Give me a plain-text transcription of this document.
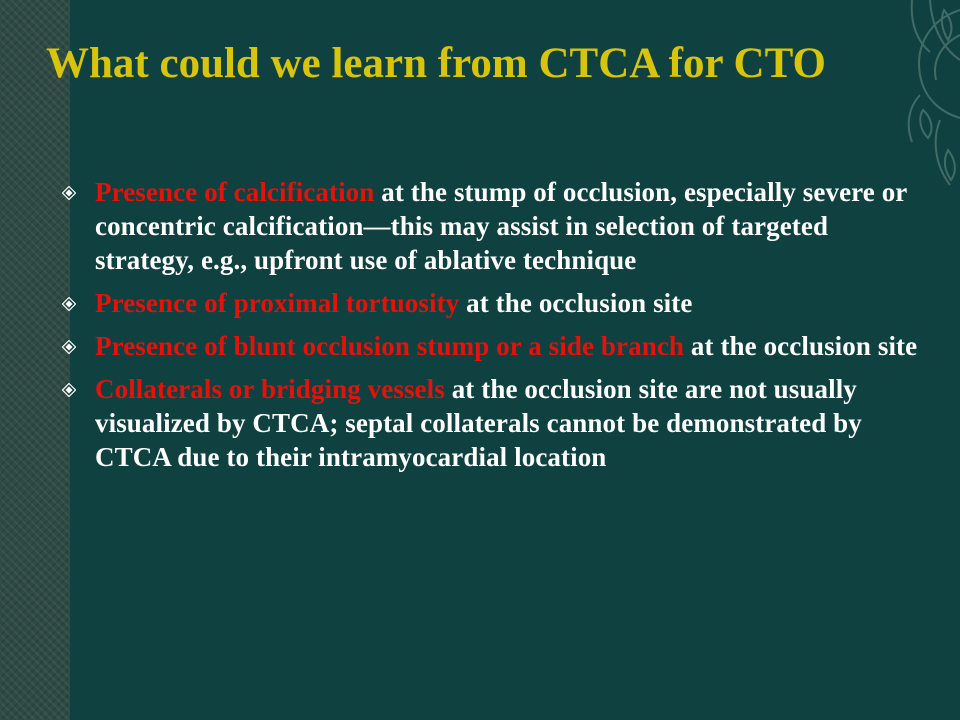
What could we learn from CTCA for CTO
Presence of calcification at the stump of occlusion, especially severe or concentric calcification—this may assist in selection of targeted strategy, e.g., upfront use of ablative technique
Presence of proximal tortuosity at the occlusion site
Presence of blunt occlusion stump or a side branch at the occlusion site
Collaterals or bridging vessels at the occlusion site are not usually visualized by CTCA; septal collaterals cannot be demonstrated by CTCA due to their intramyocardial location
